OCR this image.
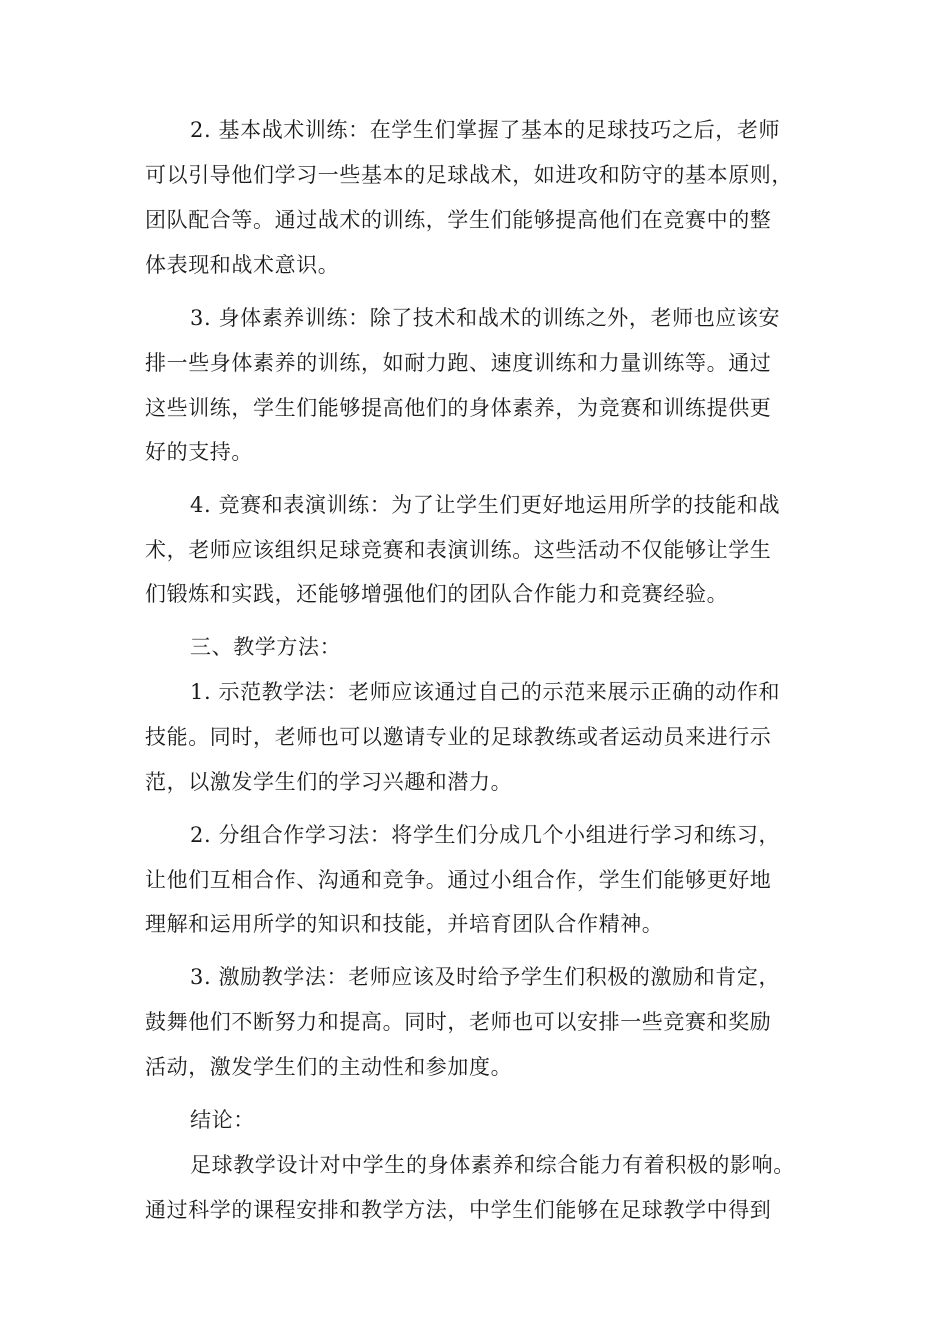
2. 基本战术训练：在学生们掌握了基本的足球技巧之后，老师
可以引导他们学习一些基本的足球战术，如进攻和防守的基本原则，
团队配合等。通过战术的训练，学生们能够提高他们在竞赛中的整
体表现和战术意识。
3. 身体素养训练：除了技术和战术的训练之外，老师也应该安
排一些身体素养的训练，如耐力跑、速度训练和力量训练等。通过
这些训练，学生们能够提高他们的身体素养，为竞赛和训练提供更
好的支持。
4. 竞赛和表演训练：为了让学生们更好地运用所学的技能和战
术，老师应该组织足球竞赛和表演训练。这些活动不仅能够让学生
们锻炼和实践，还能够增强他们的团队合作能力和竞赛经验。
三、教学方法：
1. 示范教学法：老师应该通过自己的示范来展示正确的动作和
技能。同时，老师也可以邀请专业的足球教练或者运动员来进行示
范，以激发学生们的学习兴趣和潜力。
2. 分组合作学习法：将学生们分成几个小组进行学习和练习，
让他们互相合作、沟通和竞争。通过小组合作，学生们能够更好地
理解和运用所学的知识和技能，并培育团队合作精神。
3. 激励教学法：老师应该及时给予学生们积极的激励和肯定，
鼓舞他们不断努力和提高。同时，老师也可以安排一些竞赛和奖励
活动，激发学生们的主动性和参加度。
结论：
足球教学设计对中学生的身体素养和综合能力有着积极的影响。
通过科学的课程安排和教学方法，中学生们能够在足球教学中得到
